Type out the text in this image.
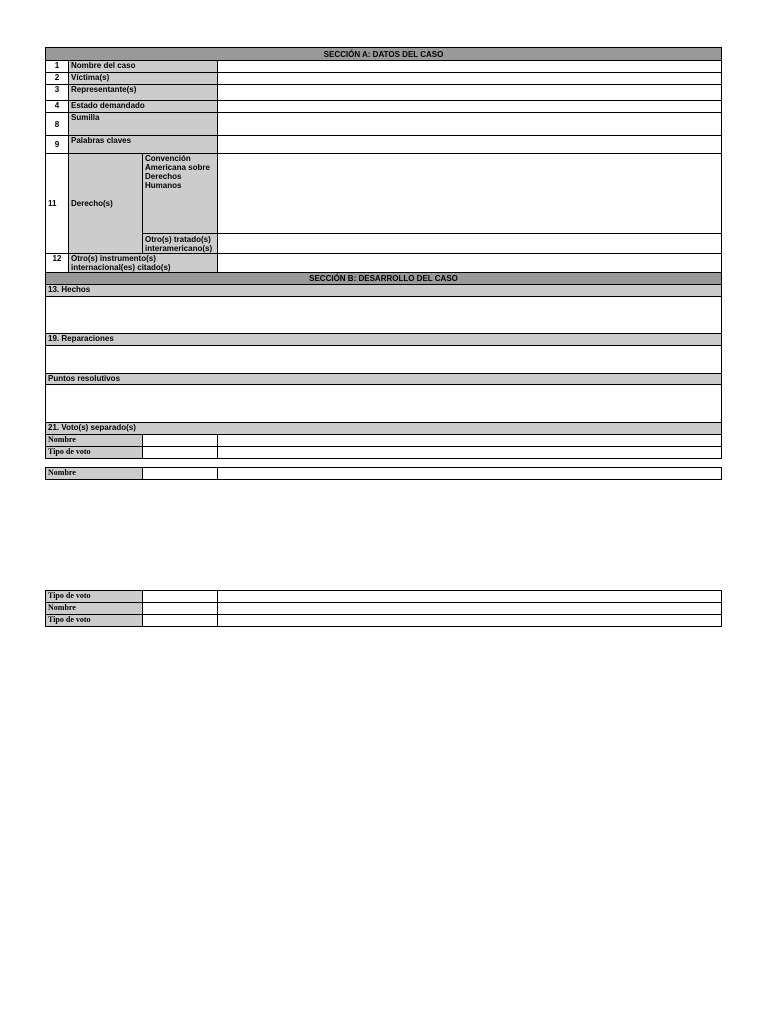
SECCIÓN A: DATOS DEL CASO			
1	Nombre del caso		
2	Víctima(s)		
3	Representante(s)		
4	Estado demandado		
8	Sumilla		
9	Palabras claves		
11	Derecho(s)	Convención Americana sobre Derechos Humanos	
		Otro(s) tratado(s) interamericano(s)	
12	Otro(s) instrumento(s) internacional(es) citado(s)		
SECCIÓN B: DESARROLLO DEL CASO			
13. Hechos			

19. Reparaciones			

Puntos resolutivos			

21. Voto(s) separado(s)			
Nombre			
Tipo de voto			
Nombre		
Tipo de voto		
Nombre		
Tipo de voto		
